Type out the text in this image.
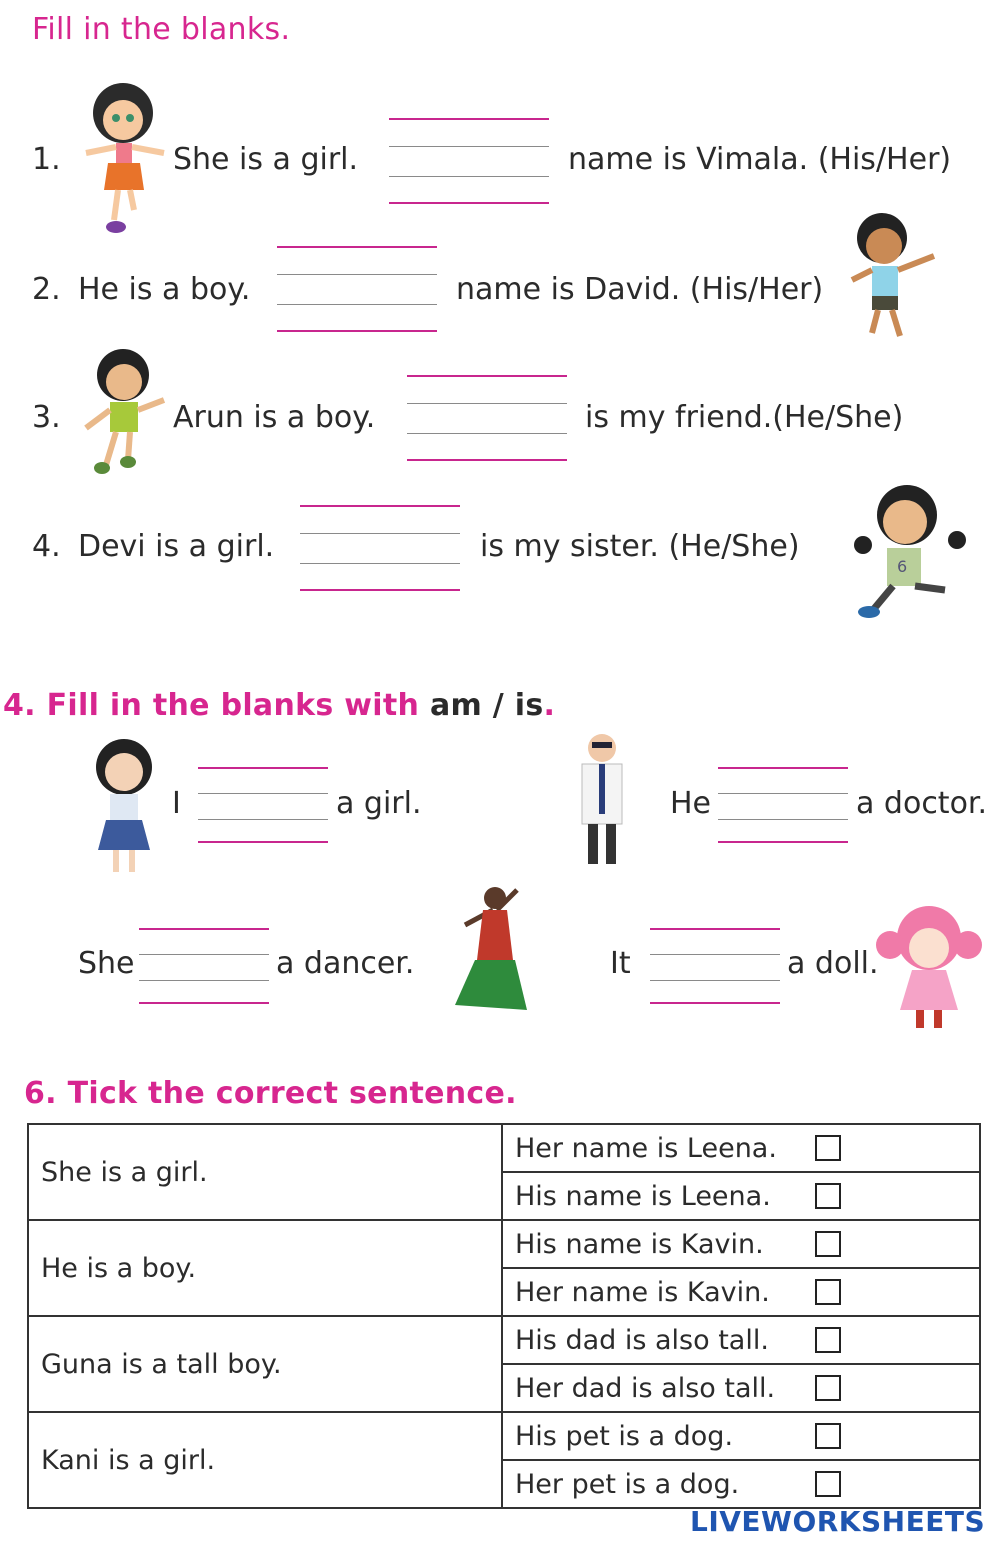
Fill in the blanks.
1.	She is a girl.	name is Vimala. (His/Her)
2. He is a boy.	name is David. (His/Her)
3.	Arun is a boy.	is my friend.(He/She)
4. Devi is a girl.	is my sister. (He/She)
6
4. Fill in the blanks with am / is.
I	a girl.	He	a doctor.
She	a dancer.	It	a doll.
6. Tick the correct sentence.
She is a girl.	Her name is Leena.

	His name is Leena.

He is a boy.	His name is Kavin.

	Her name is Kavin.

Guna is a tall boy.	His dad is also tall.

	Her dad is also tall.

Kani is a girl.	His pet is a dog.

	Her pet is a dog.
LIVEWORKSHEETS
